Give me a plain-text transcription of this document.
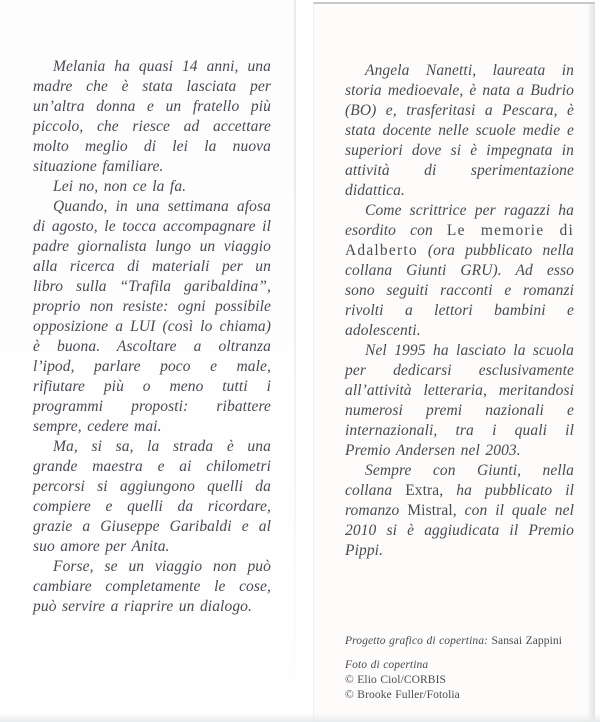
Melania ha quasi 14 anni, una madre che è stata lasciata per un’altra donna e un fratello più piccolo, che riesce ad accettare molto meglio di lei la nuova situazione familiare.

Lei no, non ce la fa.

Quando, in una settimana afosa di agosto, le tocca accompagnare il padre giornalista lungo un viaggio alla ricerca di materiali per un libro sulla “Trafila garibaldina”, proprio non resiste: ogni possibile opposizione a LUI (così lo chiama) è buona. Ascoltare a oltranza l’ipod, parlare poco e male, rifiutare più o meno tutti i programmi proposti: ribattere sempre, cedere mai.

Ma, si sa, la strada è una grande maestra e ai chilometri percorsi si aggiungono quelli da compiere e quelli da ricordare, grazie a Giuseppe Garibaldi e al suo amore per Anita.

Forse, se un viaggio non può cambiare completamente le cose, può servire a riaprire un dialogo.

Angela Nanetti, laureata in storia medioevale, è nata a Budrio (BO) e, trasferitasi a Pescara, è stata docente nelle scuole medie e superiori dove si è impegnata in attività di sperimentazione didattica.

Come scrittrice per ragazzi ha esordito con Le memorie di Adalberto (ora pubblicato nella collana Giunti GRU). Ad esso sono seguiti racconti e romanzi rivolti a lettori bambini e adolescenti.

Nel 1995 ha lasciato la scuola per dedicarsi esclusivamente all’attività letteraria, meritandosi numerosi premi nazionali e internazionali, tra i quali il Premio Andersen nel 2003.

Sempre con Giunti, nella collana Extra, ha pubblicato il romanzo Mistral, con il quale nel 2010 si è aggiudicata il Premio Pippi.

Progetto grafico di copertina: Sansai Zappini

Foto di copertina

© Elio Ciol/CORBIS

© Brooke Fuller/Fotolia
